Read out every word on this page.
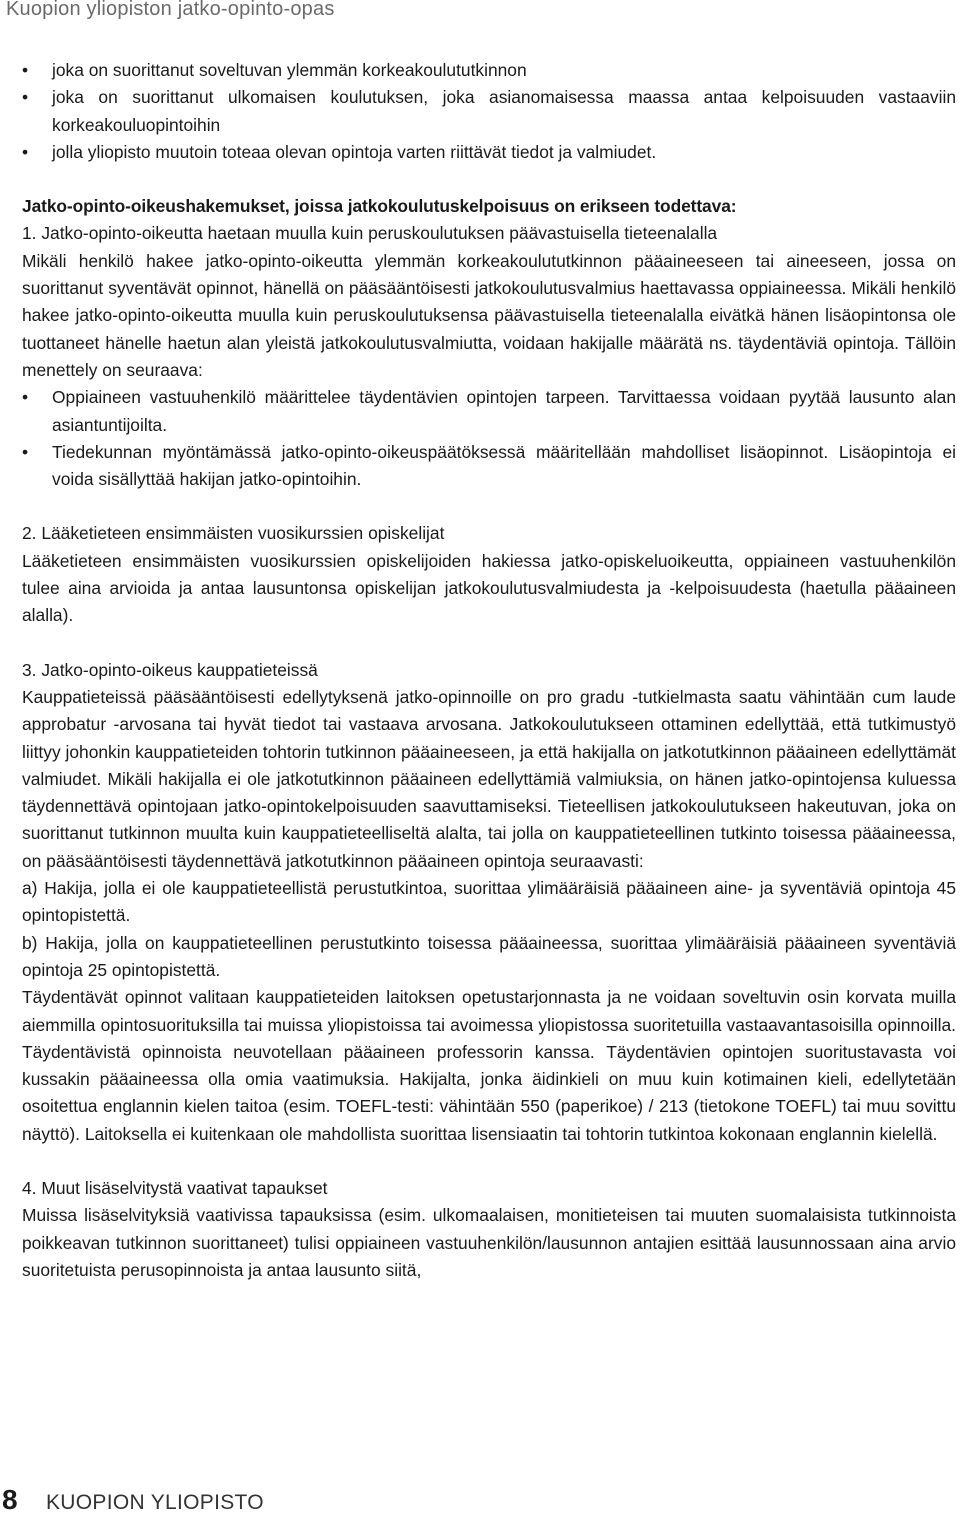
Kuopion yliopiston jatko-opinto-opas
• joka on suorittanut soveltuvan ylemmän korkeakoulututkinnon
• joka on suorittanut ulkomaisen koulutuksen, joka asianomaisessa maassa antaa kelpoisuuden vastaaviin korkeakouluopintoihin
• jolla yliopisto muutoin toteaa olevan opintoja varten riittävät tiedot ja valmiudet.
Jatko-opinto-oikeushakemukset, joissa jatkokoulutuskelpoisuus on erikseen todettava:
1. Jatko-opinto-oikeutta haetaan muulla kuin peruskoulutuksen päävastuisella tieteenalalla

Mikäli henkilö hakee jatko-opinto-oikeutta ylemmän korkeakoulututkinnon pääaineeseen tai aineeseen, jossa on suorittanut syventävät opinnot, hänellä on pääsääntöisesti jatkokoulutusvalmius haettavassa oppiaineessa. Mikäli henkilö hakee jatko-opinto-oikeutta muulla kuin peruskoulutuksensa päävastuisella tieteenalalla eivätkä hänen lisäopintonsa ole tuottaneet hänelle haetun alan yleistä jatkokoulutusvalmiutta, voidaan hakijalle määrätä ns. täydentäviä opintoja. Tällöin menettely on seuraava:

• Oppiaineen vastuuhenkilö määrittelee täydentävien opintojen tarpeen. Tarvittaessa voidaan pyytää lausunto alan asiantuntijoilta.
• Tiedekunnan myöntämässä jatko-opinto-oikeuspäätöksessä määritellään mahdolliset lisäopinnot. Lisäopintoja ei voida sisällyttää hakijan jatko-opintoihin.
2. Lääketieteen ensimmäisten vuosikurssien opiskelijat

Lääketieteen ensimmäisten vuosikurssien opiskelijoiden hakiessa jatko-opiskeluoikeutta, oppiaineen vastuuhenkilön tulee aina arvioida ja antaa lausuntonsa opiskelijan jatkokoulutusvalmiudesta ja -kelpoisuudesta (haetulla pääaineen alalla).

3. Jatko-opinto-oikeus kauppatieteissä

Kauppatieteissä pääsääntöisesti edellytyksenä jatko-opinnoille on pro gradu -tutkielmasta saatu vähintään cum laude approbatur -arvosana tai hyvät tiedot tai vastaava arvosana. Jatkokoulutukseen ottaminen edellyttää, että tutkimustyö liittyy johonkin kauppatieteiden tohtorin tutkinnon pääaineeseen, ja että hakijalla on jatkotutkinnon pääaineen edellyttämät valmiudet. Mikäli hakijalla ei ole jatkotutkinnon pääaineen edellyttämiä valmiuksia, on hänen jatko-opintojensa kuluessa täydennettävä opintojaan jatko-opintokelpoisuuden saavuttamiseksi. Tieteellisen jatkokoulutukseen hakeutuvan, joka on suorittanut tutkinnon muulta kuin kauppatieteelliseltä alalta, tai jolla on kauppatieteellinen tutkinto toisessa pääaineessa, on pääsääntöisesti täydennettävä jatkotutkinnon pääaineen opintoja seuraavasti:

a) Hakija, jolla ei ole kauppatieteellistä perustutkintoa, suorittaa ylimääräisiä pääaineen aine- ja syventäviä opintoja 45 opintopistettä.

b) Hakija, jolla on kauppatieteellinen perustutkinto toisessa pääaineessa, suorittaa ylimääräisiä pääaineen syventäviä opintoja 25 opintopistettä.

Täydentävät opinnot valitaan kauppatieteiden laitoksen opetustarjonnasta ja ne voidaan soveltuvin osin korvata muilla aiemmilla opintosuorituksilla tai muissa yliopistoissa tai avoimessa yliopistossa suoritetuilla vastaavantasoisilla opinnoilla. Täydentävistä opinnoista neuvotellaan pääaineen professorin kanssa. Täydentävien opintojen suoritustavasta voi kussakin pääaineessa olla omia vaatimuksia. Hakijalta, jonka äidinkieli on muu kuin kotimainen kieli, edellytetään osoitettua englannin kielen taitoa (esim. TOEFL-testi: vähintään 550 (paperikoe) / 213 (tietokone TOEFL) tai muu sovittu näyttö). Laitoksella ei kuitenkaan ole mahdollista suorittaa lisensiaatin tai tohtorin tutkintoa kokonaan englannin kielellä.

4. Muut lisäselvitystä vaativat tapaukset

Muissa lisäselvityksiä vaativissa tapauksissa (esim. ulkomaalaisen, monitieteisen tai muuten suomalaisista tutkinnoista poikkeavan tutkinnon suorittaneet) tulisi oppiaineen vastuuhenkilön/lausunnon antajien esittää lausunnossaan aina arvio suoritetuista perusopinnoista ja antaa lausunto siitä,

8 KUOPION YLIOPISTO
